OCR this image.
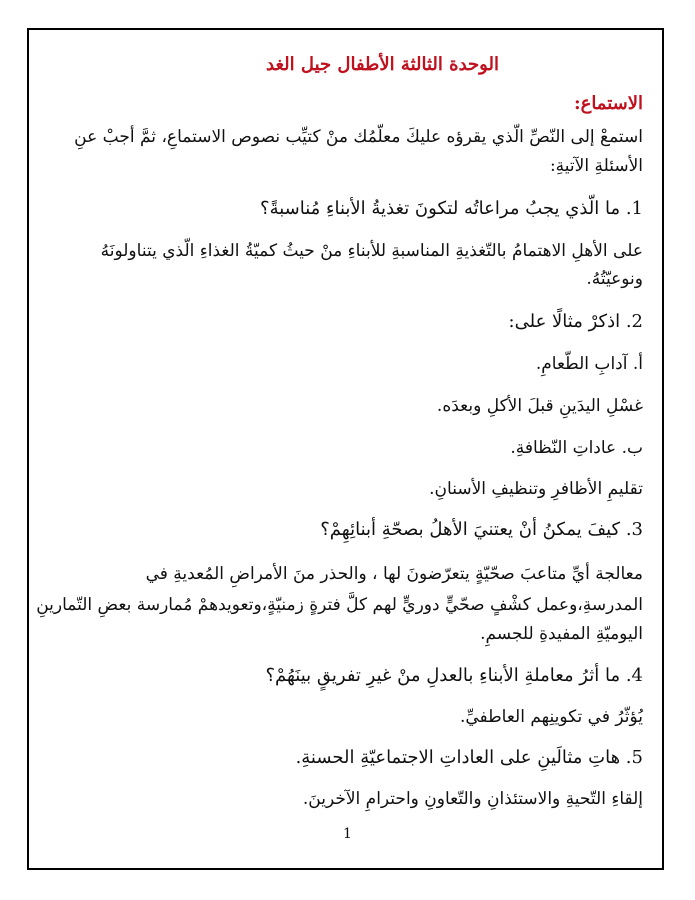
الوحدة الثالثة الأطفال جيل الغد
الاستماع:
استمعْ إلى النّصِّ الّذي يقرؤه عليكَ معلّمُك منْ كتيِّب نصوص الاستماعِ، ثمَّ أجبْ عنِ
الأسئلةِ الآتيةِ:
1. ما الّذي يجبُ مراعاتُه لتكونَ تغذيةُ الأبناءِ مُناسبةً؟
على الأهلِ الاهتمامُ بالتّغذيةِ المناسبةِ للأبناءِ منْ حيثُ كميّةُ الغذاءِ الّذي يتناولونَهُ
ونوعيّتُهُ.
2. اذكرْ مثالًا على:
أ. آدابِ الطّعامِ.
غسْلِ اليدَينِ قبلَ الأكلِ وبعدَه.
ب. عاداتِ النّظافةِ.
تقليمِ الأظافرِ وتنظيفِ الأسنانِ.
3. كيفَ يمكنُ أنْ يعتنيَ الأهلُ بصحّةِ أبنائِهِمْ؟
معالجة أيِّ متاعبَ صحّيّةٍ يتعرّضونَ لها ، والحذر منَ الأمراضِ المُعديةِ في
المدرسةِ،وعمل كشْفٍ صحّيٍّ دوريٍّ لهم كلَّ فترةٍ زمنيّةٍ،وتعويدهمْ مُمارسة بعضِ التّمارينِ
اليوميّةِ المفيدةِ للجسمِ.
4. ما أثرُ معاملةِ الأبناءِ بالعدلِ منْ غيرِ تفريقٍ بينَهُمْ؟
يُؤثّرُ في تكوينِهم العاطفيِّ.
5. هاتِ مثالَينِ على العاداتِ الاجتماعيّةِ الحسنةِ.
إلقاءِ التّحيةِ والاستئذانِ والتّعاونِ واحترامِ الآخرينَ.
1
